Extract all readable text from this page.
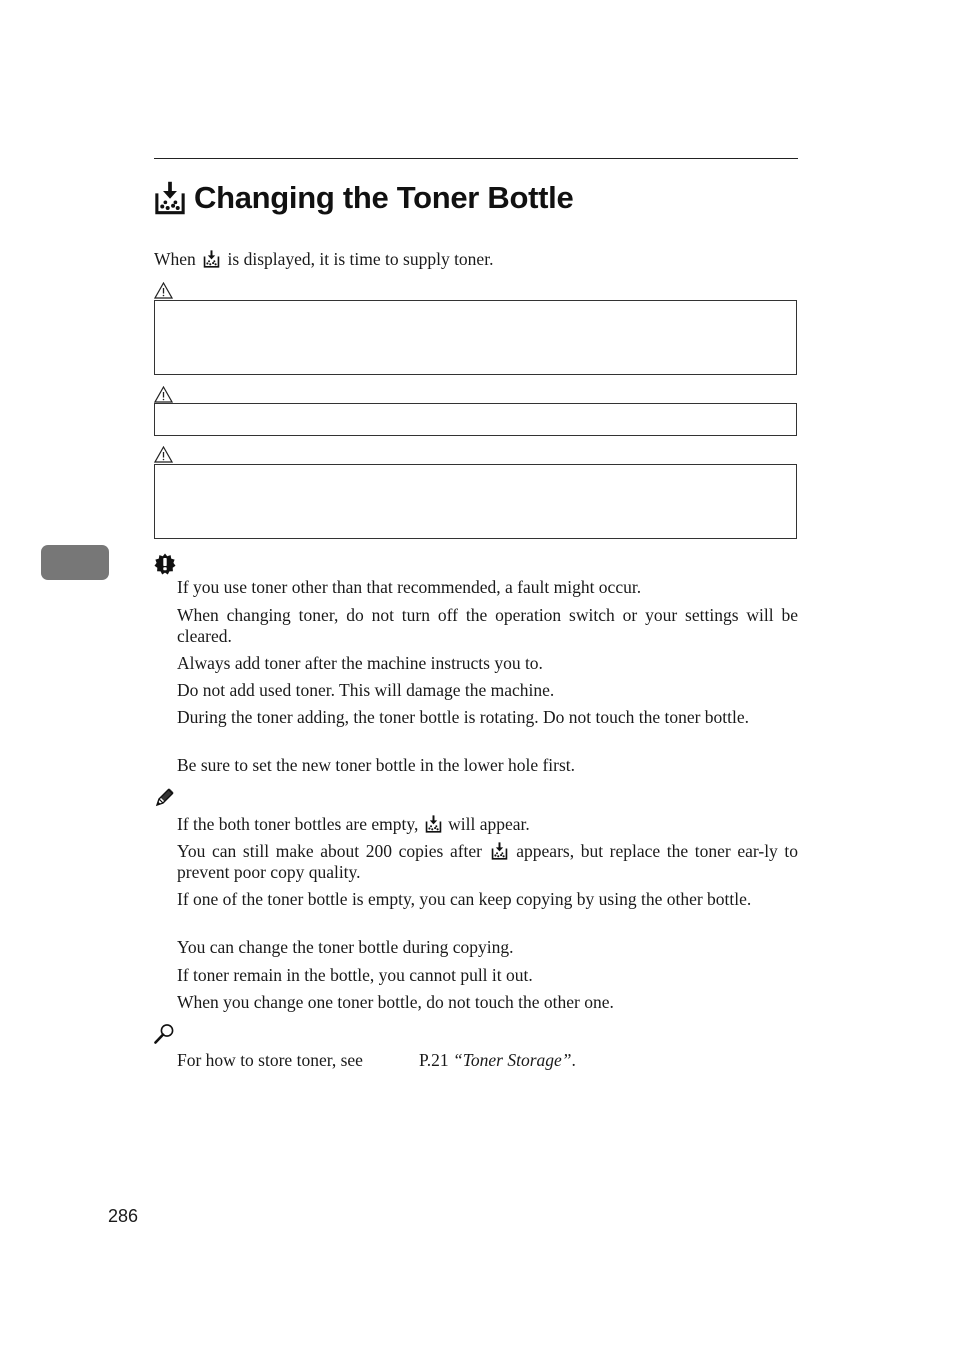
Changing the Toner Bottle
When is displayed, it is time to supply toner.
If you use toner other than that recommended, a fault might occur.
When changing toner, do not turn off the operation switch or your settings will be cleared.
Always add toner after the machine instructs you to.
Do not add used toner. This will damage the machine.
During the toner adding, the toner bottle is rotating. Do not touch the toner bottle.
Be sure to set the new toner bottle in the lower hole first.
If the both toner bottles are empty, will appear.
You can still make about 200 copies after appears, but replace the toner ear-ly to prevent poor copy quality.
If one of the toner bottle is empty, you can keep copying by using the other bottle.
You can change the toner bottle during copying.
If toner remain in the bottle, you cannot pull it out.
When you change one toner bottle, do not touch the other one.
For how to store toner, see	P.21 “Toner Storage”.
286
